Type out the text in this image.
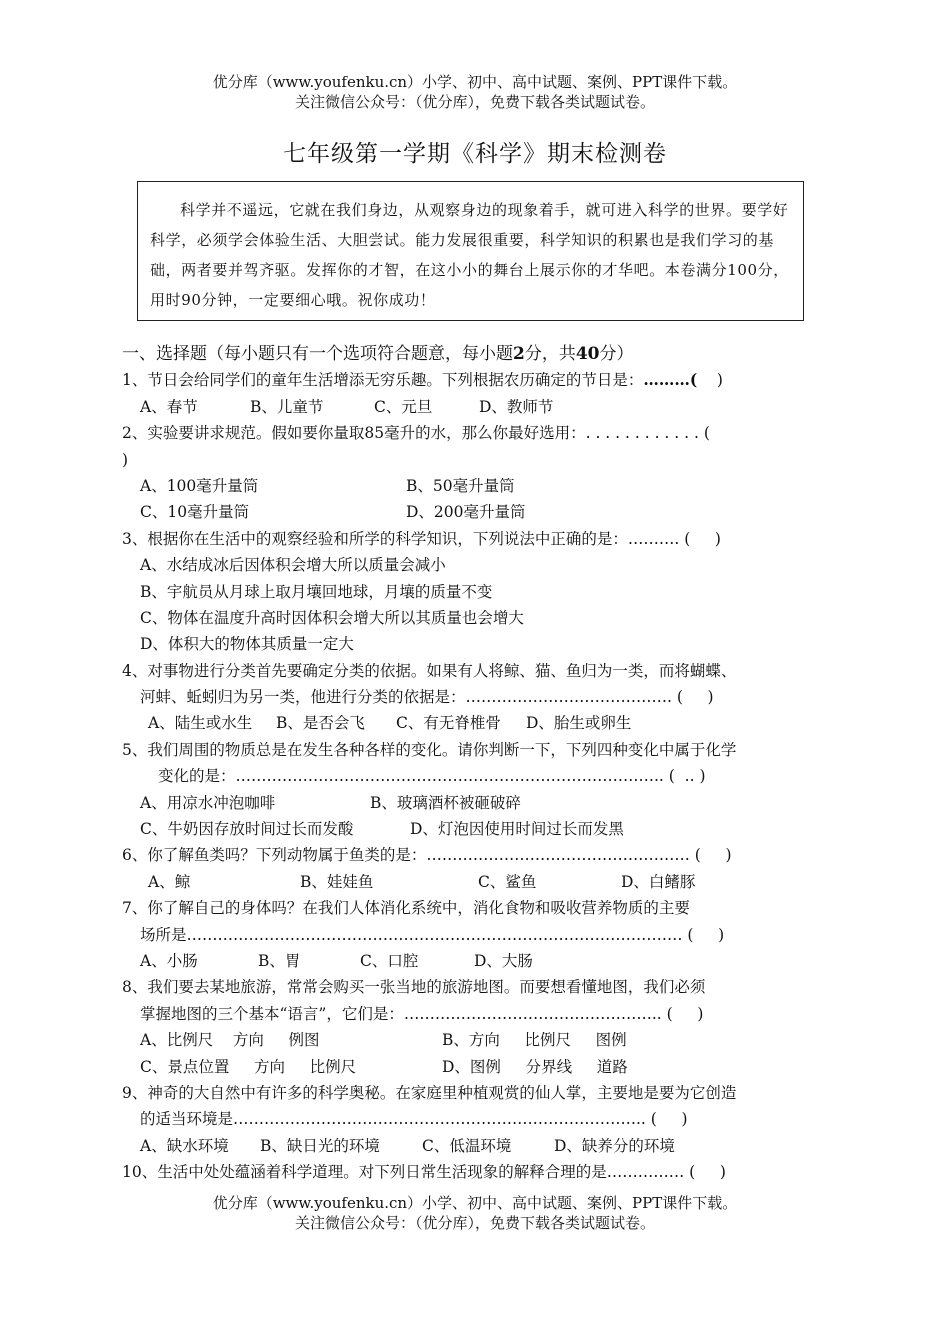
优分库（www.youfenku.cn）小学、初中、高中试题、案例、PPT课件下载。
关注微信公众号：（优分库），免费下载各类试题试卷。
七年级第一学期《科学》期末检测卷
科学并不遥远，它就在我们身边，从观察身边的现象着手，就可进入科学的世界。要学好科学，必须学会体验生活、大胆尝试。能力发展很重要，科学知识的积累也是我们学习的基础，两者要并驾齐驱。发挥你的才智，在这小小的舞台上展示你的才华吧。本卷满分100分，用时90分钟，一定要细心哦。祝你成功！
一、选择题（每小题只有一个选项符合题意，每小题2分，共40分）
1、节日会给同学们的童年生活增添无穷乐趣。下列根据农历确定的节日是：………(    )
A、春节	B、儿童节	C、元旦	D、教师节
2、实验要讲求规范。假如要你量取85毫升的水，那么你最好选用：. . . . . . . . . . . . (
)
A、100毫升量筒	B、50毫升量筒
C、10毫升量筒	D、200毫升量筒
3、根据你在生活中的观察经验和所学的科学知识，下列说法中正确的是：………. (     )
A、水结成冰后因体积会增大所以质量会减小
B、宇航员从月球上取月壤回地球，月壤的质量不变
C、物体在温度升高时因体积会增大所以其质量也会增大
D、体积大的物体其质量一定大
4、对事物进行分类首先要确定分类的依据。如果有人将鲸、猫、鱼归为一类，而将蝴蝶、
河蚌、蚯蚓归为另一类，他进行分类的依据是：…………………………………. (     )
A、陆生或水生 B、是否会飞 C、有无脊椎骨 D、胎生或卵生
5、我们周围的物质总是在发生各种各样的变化。请你判断一下，下列四种变化中属于化学
变化的是：……………………………………………………………………….. (  .. )
A、用凉水冲泡咖啡	B、玻璃酒杯被砸破碎
C、牛奶因存放时间过长而发酸	D、灯泡因使用时间过长而发黑
6、你了解鱼类吗？下列动物属于鱼类的是：…………………………………………… (     )
A、鲸	B、娃娃鱼	C、鲨鱼	D、白鳍豚
7、你了解自己的身体吗？在我们人体消化系统中，消化食物和吸收营养物质的主要
场所是…………………………………………………………………………………… (     )
A、小肠	B、胃	C、口腔	D、大肠
8、我们要去某地旅游，常常会购买一张当地的旅游地图。而要想看懂地图，我们必须
掌握地图的三个基本“语言”，它们是：………………………………………….. (     )
A、比例尺    方向     例图	B、方向     比例尺     图例
C、景点位置     方向     比例尺	D、图例     分界线     道路
9、神奇的大自然中有许多的科学奥秘。在家庭里种植观赏的仙人掌，主要地是要为它创造
的适当环境是…………………………………………………………………….. (     )
A、缺水环境 B、缺日光的环境	C、低温环境	D、缺养分的环境
10、生活中处处蕴涵着科学道理。对下列日常生活现象的解释合理的是…………… (     )
优分库（www.youfenku.cn）小学、初中、高中试题、案例、PPT课件下载。
关注微信公众号：（优分库），免费下载各类试题试卷。
